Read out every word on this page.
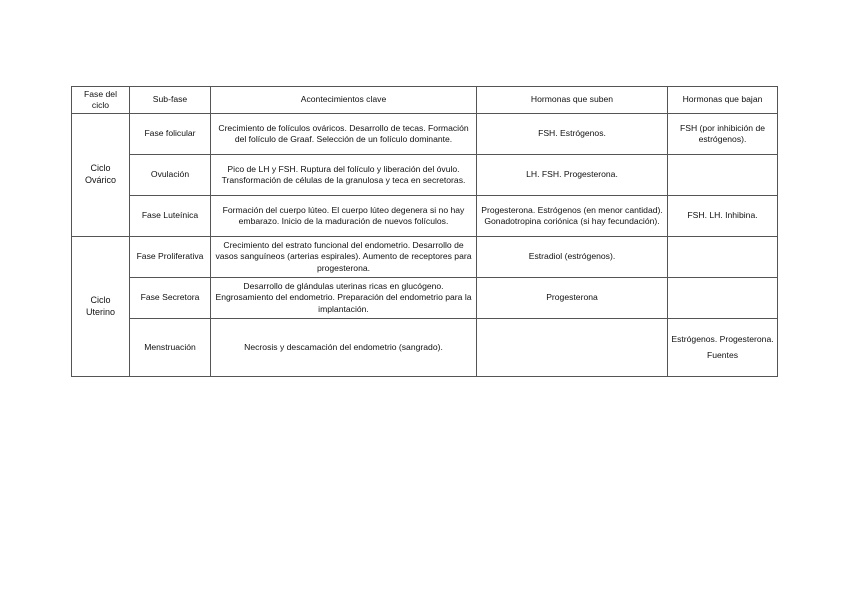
Fase del ciclo	Sub-fase	Acontecimientos clave	Hormonas que suben	Hormonas que bajan
Ciclo Ovárico	Fase folicular	Crecimiento de folículos ováricos. Desarrollo de tecas. Formación del folículo de Graaf. Selección de un folículo dominante.	FSH. Estrógenos.	FSH (por inhibición de estrógenos).
	Ovulación	Pico de LH y FSH. Ruptura del folículo y liberación del óvulo. Transformación de células de la granulosa y teca en secretoras.	LH. FSH. Progesterona.	
	Fase Luteínica	Formación del cuerpo lúteo. El cuerpo lúteo degenera si no hay embarazo. Inicio de la maduración de nuevos folículos.	Progesterona. Estrógenos (en menor cantidad). Gonadotropina coriónica (si hay fecundación).	FSH. LH. Inhibina.
Ciclo Uterino	Fase Proliferativa	Crecimiento del estrato funcional del endometrio. Desarrollo de vasos sanguíneos (arterias espirales). Aumento de receptores para progesterona.	Estradiol (estrógenos).	
	Fase Secretora	Desarrollo de glándulas uterinas ricas en glucógeno. Engrosamiento del endometrio. Preparación del endometrio para la implantación.	Progesterona	
	Menstruación	Necrosis y descamación del endometrio (sangrado).		Estrógenos. Progesterona.
Fuentes
